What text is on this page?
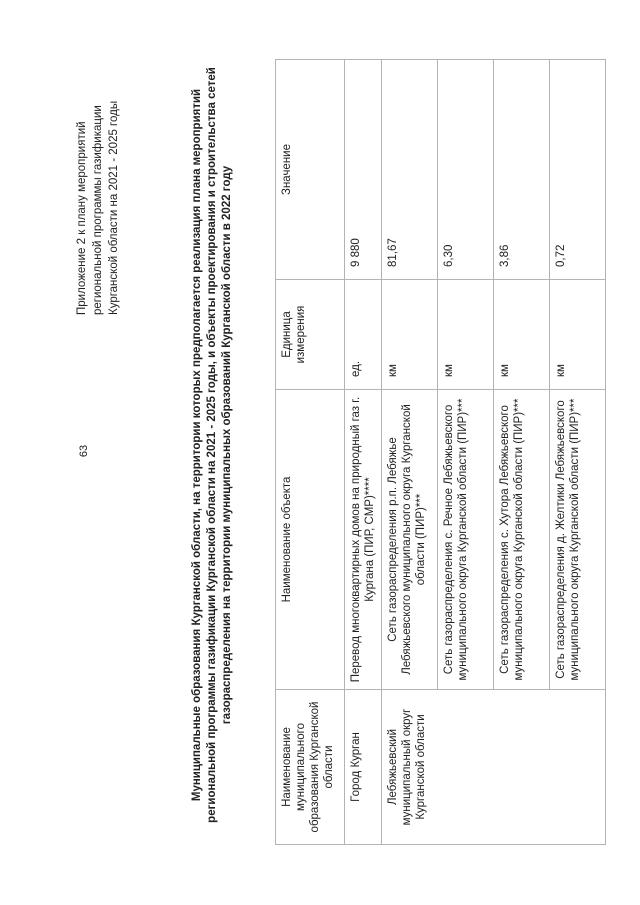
63
Приложение 2 к плану мероприятий региональной программы газификации Курганской области на 2021 - 2025 годы	Муниципальные образования Курганской области, на территории которых предполагается реализация плана мероприятий региональной программы газификации Курганской области на 2021 - 2025 годы, и объекты проектирования и строительства сетей газораспределения на территории муниципальных образований Курганской области в 2022 году
Наименование муниципального образования Курганской области	Наименование объекта	Единица измерения	Значение
Город Курган	Перевод многоквартирных домов на природный газ г. Кургана (ПИР, СМР)****	ед.	9 880
Лебяжьевский муниципальный округ Курганской области	Сеть газораспределения р.п. Лебяжье Лебяжьевского муниципального округа Курганской области (ПИР)***	км	81,67
	Сеть газораспределения с. Речное Лебяжьевского муниципального округа Курганской области (ПИР)***	км	6,30
	Сеть газораспределения с. Хутора Лебяжьевского муниципального округа Курганской области (ПИР)***	км	3,86
	Сеть газораспределения д. Желтики Лебяжьевского муниципального округа Курганской области (ПИР)***	км	0,72
